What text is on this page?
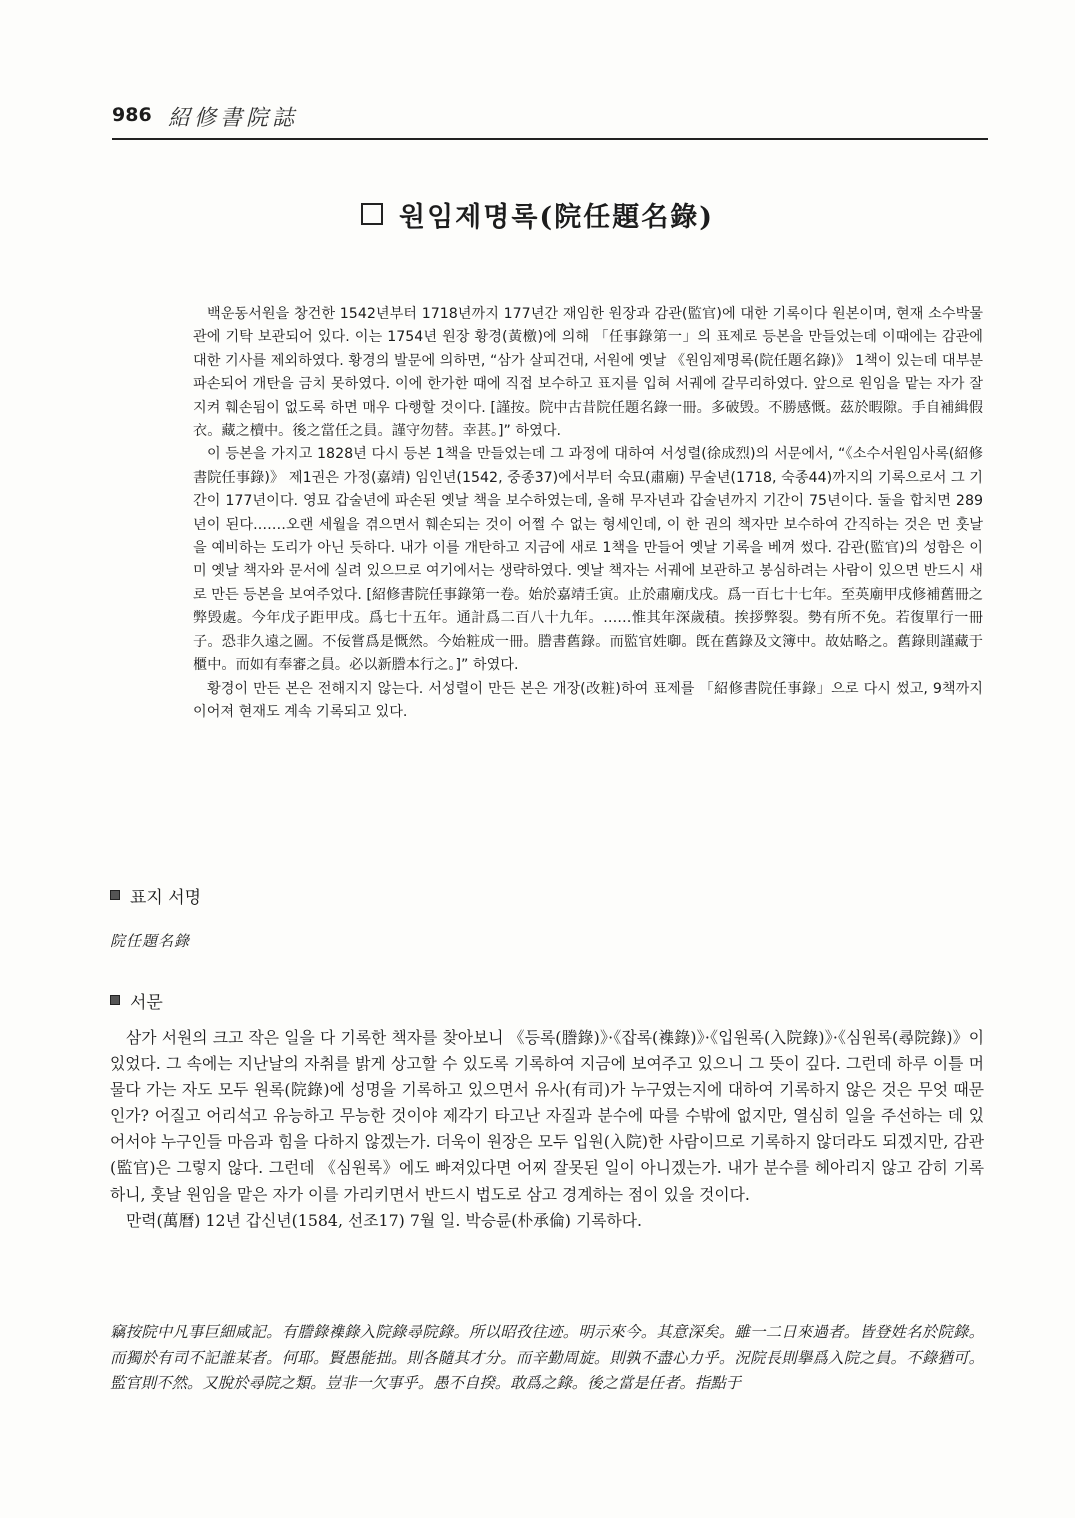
986 紹修書院誌
원임제명록(院任題名錄)

백운동서원을 창건한 1542년부터 1718년까지 177년간 재임한 원장과 감관(監官)에 대한 기록이다 원본이며, 현재 소수박물관에 기탁 보관되어 있다. 이는 1754년 원장 황경(黃檄)에 의해 「任事錄第一」의 표제로 등본을 만들었는데 이때에는 감관에 대한 기사를 제외하였다. 황경의 발문에 의하면, “삼가 살피건대, 서원에 옛날 《원임제명록(院任題名錄)》 1책이 있는데 대부분 파손되어 개탄을 금치 못하였다. 이에 한가한 때에 직접 보수하고 표지를 입혀 서궤에 갈무리하였다. 앞으로 원임을 맡는 자가 잘 지켜 훼손됨이 없도록 하면 매우 다행할 것이다. [謹按。院中古昔院任題名錄一冊。多破毁。不勝感慨。茲於暇隙。手自補緝假衣。藏之櫝中。後之當任之員。謹守勿替。幸甚。]” 하였다.

이 등본을 가지고 1828년 다시 등본 1책을 만들었는데 그 과정에 대하여 서성렬(徐成烈)의 서문에서, “《소수서원임사록(紹修書院任事錄)》 제1권은 가정(嘉靖) 임인년(1542, 중종37)에서부터 숙묘(肅廟) 무술년(1718, 숙종44)까지의 기록으로서 그 기간이 177년이다. 영묘 갑술년에 파손된 옛날 책을 보수하였는데, 올해 무자년과 갑술년까지 기간이 75년이다. 둘을 합치면 289년이 된다.……오랜 세월을 겪으면서 훼손되는 것이 어쩔 수 없는 형세인데, 이 한 권의 책자만 보수하여 간직하는 것은 먼 훗날을 예비하는 도리가 아닌 듯하다. 내가 이를 개탄하고 지금에 새로 1책을 만들어 옛날 기록을 베껴 썼다. 감관(監官)의 성함은 이미 옛날 책자와 문서에 실려 있으므로 여기에서는 생략하였다. 옛날 책자는 서궤에 보관하고 봉심하려는 사람이 있으면 반드시 새로 만든 등본을 보여주었다. [紹修書院任事錄第一卷。始於嘉靖壬寅。止於肅廟戊戌。爲一百七十七年。至英廟甲戌修補舊冊之弊毁處。今年戊子距甲戌。爲七十五年。通計爲二百八十九年。……惟其年深歲積。挨拶弊裂。勢有所不免。若復單行一冊子。恐非久遠之圖。不佞嘗爲是慨然。今始粧成一冊。謄書舊錄。而監官姓啣。旣在舊錄及文簿中。故姑略之。舊錄則謹藏于櫃中。而如有奉審之員。必以新謄本行之。]” 하였다.

황경이 만든 본은 전해지지 않는다. 서성렬이 만든 본은 개장(改粧)하여 표제를 「紹修書院任事錄」으로 다시 썼고, 9책까지 이어져 현재도 계속 기록되고 있다.

표지 서명
院任題名錄
서문

삼가 서원의 크고 작은 일을 다 기록한 책자를 찾아보니 《등록(謄錄)》·《잡록(襍錄)》·《입원록(入院錄)》·《심원록(尋院錄)》이 있었다. 그 속에는 지난날의 자취를 밝게 상고할 수 있도록 기록하여 지금에 보여주고 있으니 그 뜻이 깊다. 그런데 하루 이틀 머물다 가는 자도 모두 원록(院錄)에 성명을 기록하고 있으면서 유사(有司)가 누구였는지에 대하여 기록하지 않은 것은 무엇 때문인가? 어질고 어리석고 유능하고 무능한 것이야 제각기 타고난 자질과 분수에 따를 수밖에 없지만, 열심히 일을 주선하는 데 있어서야 누구인들 마음과 힘을 다하지 않겠는가. 더욱이 원장은 모두 입원(入院)한 사람이므로 기록하지 않더라도 되겠지만, 감관(監官)은 그렇지 않다. 그런데 《심원록》에도 빠져있다면 어찌 잘못된 일이 아니겠는가. 내가 분수를 헤아리지 않고 감히 기록하니, 훗날 원임을 맡은 자가 이를 가리키면서 반드시 법도로 삼고 경계하는 점이 있을 것이다.

만력(萬曆) 12년 갑신년(1584, 선조17) 7월 일. 박승륜(朴承倫) 기록하다.

竊按院中凡事巨細咸記。有謄錄襍錄入院錄尋院錄。所以昭孜往迹。明示來今。其意深矣。雖一二日來過者。皆登姓名於院錄。而獨於有司不記誰某者。何耶。賢愚能拙。則各隨其才分。而辛勤周旋。則孰不盡心力乎。況院長則擧爲入院之員。不錄猶可。監官則不然。又脫於尋院之類。豈非一欠事乎。愚不自揆。敢爲之錄。後之當是任者。指點于
